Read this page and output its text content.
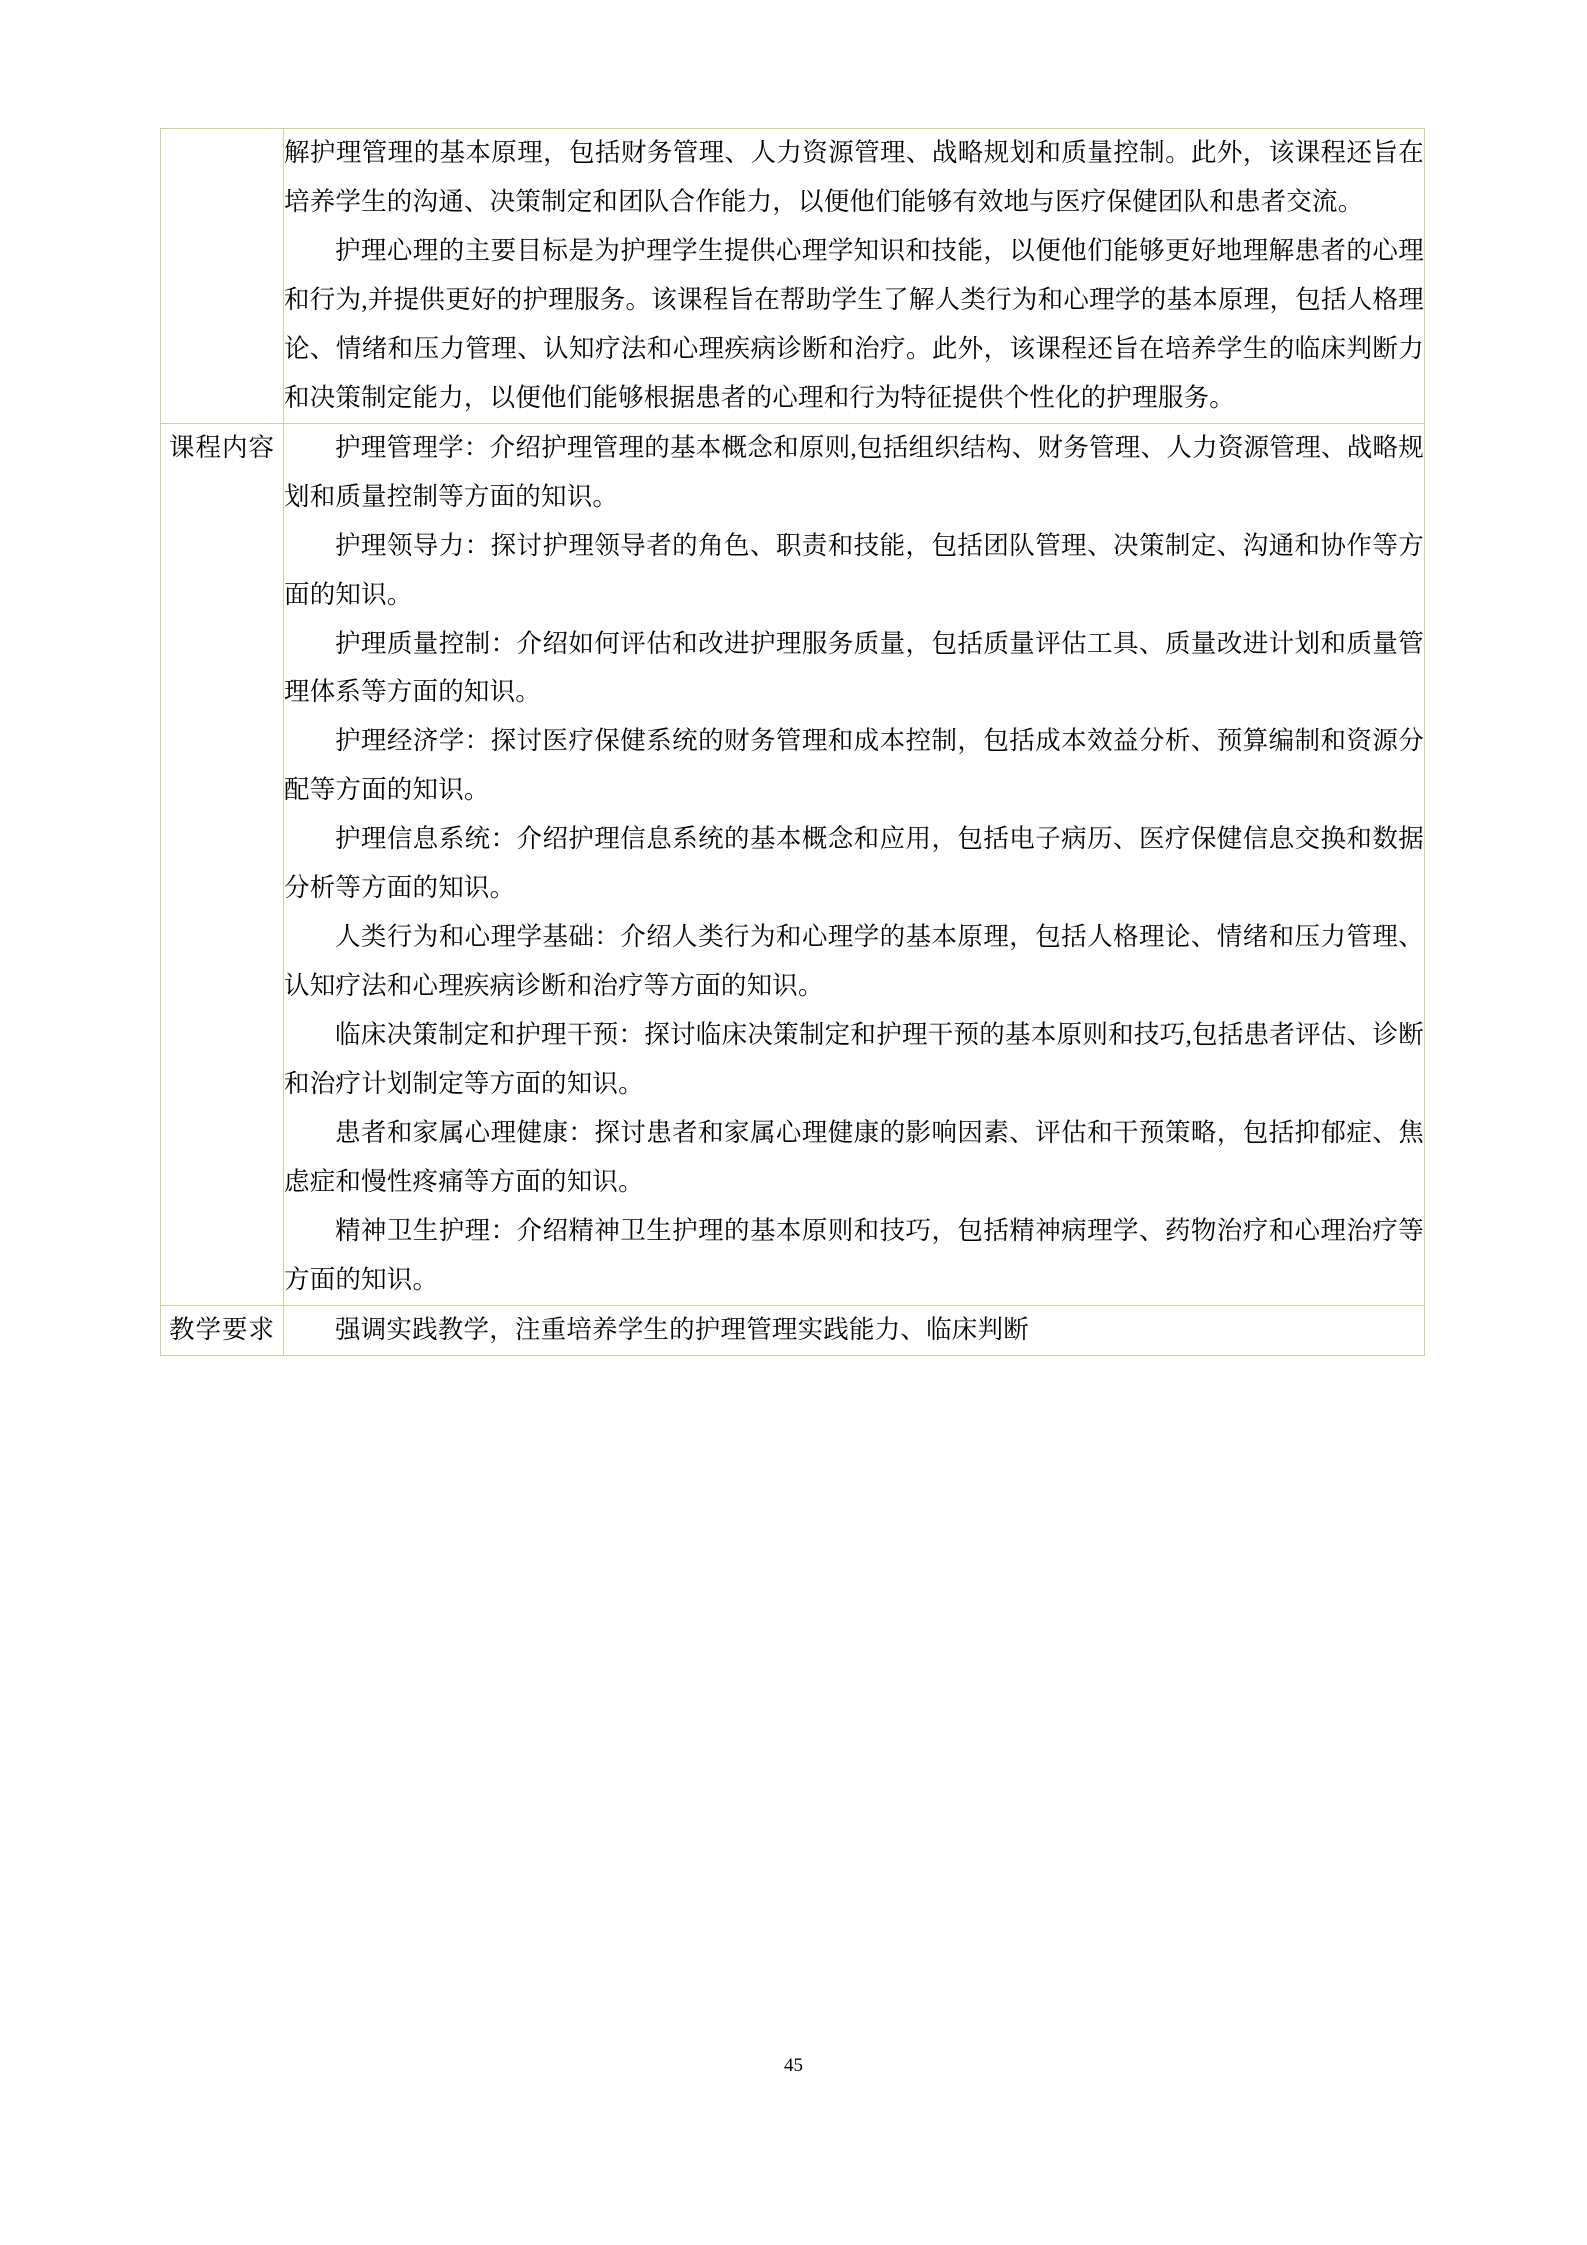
	解护理管理的基本原理，包括财务管理、人力资源管理、战略规划和质量控制。此外，该课程还旨在培养学生的沟通、决策制定和团队合作能力，以便他们能够有效地与医疗保健团队和患者交流。

护理心理的主要目标是为护理学生提供心理学知识和技能，以便他们能够更好地理解患者的心理和行为,并提供更好的护理服务。该课程旨在帮助学生了解人类行为和心理学的基本原理，包括人格理论、情绪和压力管理、认知疗法和心理疾病诊断和治疗。此外，该课程还旨在培养学生的临床判断力和决策制定能力，以便他们能够根据患者的心理和行为特征提供个性化的护理服务。

课程内容	护理管理学：介绍护理管理的基本概念和原则,包括组织结构、财务管理、人力资源管理、战略规划和质量控制等方面的知识。

护理领导力：探讨护理领导者的角色、职责和技能，包括团队管理、决策制定、沟通和协作等方面的知识。

护理质量控制：介绍如何评估和改进护理服务质量，包括质量评估工具、质量改进计划和质量管理体系等方面的知识。

护理经济学：探讨医疗保健系统的财务管理和成本控制，包括成本效益分析、预算编制和资源分配等方面的知识。

护理信息系统：介绍护理信息系统的基本概念和应用，包括电子病历、医疗保健信息交换和数据分析等方面的知识。

人类行为和心理学基础：介绍人类行为和心理学的基本原理，包括人格理论、情绪和压力管理、认知疗法和心理疾病诊断和治疗等方面的知识。

临床决策制定和护理干预：探讨临床决策制定和护理干预的基本原则和技巧,包括患者评估、诊断和治疗计划制定等方面的知识。

患者和家属心理健康：探讨患者和家属心理健康的影响因素、评估和干预策略，包括抑郁症、焦虑症和慢性疼痛等方面的知识。

精神卫生护理：介绍精神卫生护理的基本原则和技巧，包括精神病理学、药物治疗和心理治疗等方面的知识。

教学要求	强调实践教学，注重培养学生的护理管理实践能力、临床判断

45
